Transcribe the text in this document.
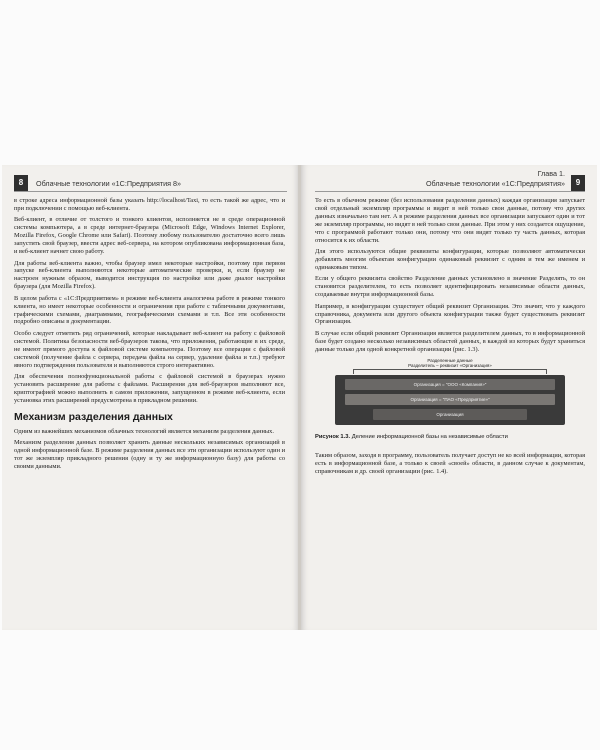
8	Облачные технологии «1С:Предприятия 8»

в строке адреса информационной базы указать http://localhost/Taxi, то есть такой же адрес, что и при подключении с помощью веб-клиента.

Веб-клиент, в отличие от толстого и тонкого клиентов, исполняется не в среде операционной системы компьютера, а в среде интернет-браузера (Microsoft Edge, Windows Internet Explorer, Mozilla Firefox, Google Chrome или Safari). Поэтому любому пользователю достаточно всего лишь запустить свой браузер, ввести адрес веб-сервера, на котором опубликована информационная база, и веб-клиент начнет свою работу.

Для работы веб-клиента важно, чтобы браузер имел некоторые настройки, поэтому при первом запуске веб-клиента выполняются некоторые автоматические проверки, и, если браузер не настроен нужным образом, выводится инструкция по настройке или даже диалог настройки браузера (для Mozilla Firefox).

В целом работа с «1С:Предприятием» в режиме веб-клиента аналогична работе в режиме тонкого клиента, но имеет некоторые особенности и ограничения при работе с табличными документами, графическими схемами, диаграммами, географическими схемами и т.п. Все эти особенности подробно описаны в документации.

Особо следует отметить ряд ограничений, которые накладывает веб-клиент на работу с файловой системой. Политика безопасности веб-браузеров такова, что приложения, работающие в их среде, не имеют прямого доступа к файловой системе компьютера. Поэтому все операции с файловой системой (получение файла с сервера, передача файла на сервер, удаление файла и т.п.) требуют явного подтверждения пользователя и выполняются строго интерактивно.

Для обеспечения полнофункциональной работы с файловой системой в браузерах нужно установить расширение для работы с файлами. Расширения для веб-браузеров выполняют все, криптографией можно выполнить в самом приложении, запущенном в режиме веб-клиента, если установка этих расширений предусмотрена в прикладном решении.

Механизм разделения данных

Одним из важнейших механизмов облачных технологий является механизм разделения данных.

Механизм разделения данных позволяет хранить данные нескольких независимых организаций в одной информационной базе. В режиме разделения данных все эти организации используют один и тот же экземпляр прикладного решения (одну и ту же информационную базу) для работы со своими данными.

Глава 1.
Облачные технологии «1С:Предприятия»	9

То есть в обычном режиме (без использования разделения данных) каждая организация запускает свой отдельный экземпляр программы и видит в ней только свои данные, потому что других данных изначально там нет. А в режиме разделения данных все организации запускают один и тот же экземпляр программы, но видят в ней только свои данные. При этом у них создается ощущение, что с программой работают только они, потому что они видят только ту часть данных, которая относится к их области.

Для этого используются общие реквизиты конфигурации, которые позволяют автоматически добавлять многим объектам конфигурации одинаковый реквизит с одним и тем же именем и одинаковым типом.

Если у общего реквизита свойство Разделение данных установлено в значение Разделять, то он становится разделителем, то есть позволяет идентифицировать независимые области данных, создаваемые внутри информационной базы.

Например, в конфигурации существует общий реквизит Организация. Это значит, что у каждого справочника, документа или другого объекта конфигурации также будет существовать реквизит Организация.

В случае если общий реквизит Организация является разделителем данных, то в информационной базе будет создано несколько независимых областей данных, в каждой из которых будут храниться данные только для одной конкретной организации (рис. 1.3).

Разделенные данные
Разделитель – реквизит «Организация»
Организация = "ООО «Компания»"
Организация = "ПАО «Предприятие»"
Организация
Рисунок 1.3. Деление информационной базы на независимые области

Таким образом, заходя в программу, пользователь получает доступ не ко всей информации, которая есть в информационной базе, а только к своей «своей» области, в данном случае к документам, справочникам и др. своей организации (рис. 1.4).
